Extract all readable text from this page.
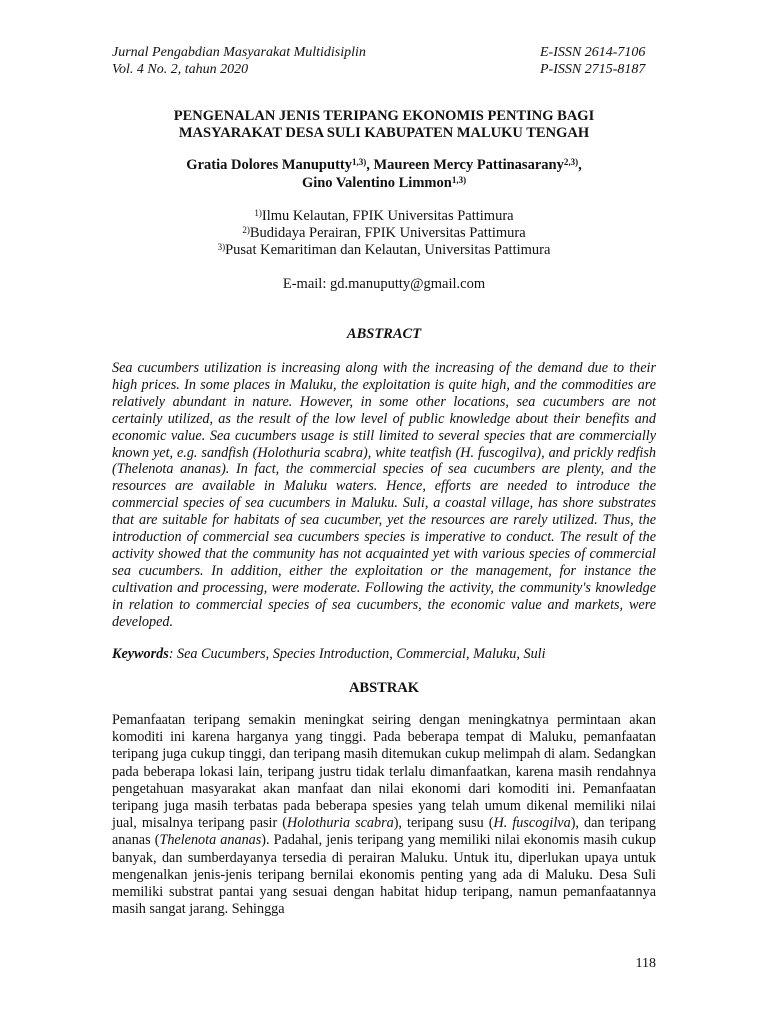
Jurnal Pengabdian Masyarakat Multidisiplin
Vol. 4 No. 2, tahun 2020
E-ISSN 2614-7106
P-ISSN 2715-8187
PENGENALAN JENIS TERIPANG EKONOMIS PENTING BAGI
MASYARAKAT DESA SULI KABUPATEN MALUKU TENGAH
Gratia Dolores Manuputty$^{1,3)}$, Maureen Mercy Pattinasarany$^{2,3)}$,
Gino Valentino Limmon$^{1,3)}$
$^{1)}$Ilmu Kelautan, FPIK Universitas Pattimura
$^{2)}$Budidaya Perairan, FPIK Universitas Pattimura
$^{3)}$Pusat Kemaritiman dan Kelautan, Universitas Pattimura
E-mail: gd.manuputty@gmail.com
ABSTRACT

Sea cucumbers utilization is increasing along with the increasing of the demand due to their high prices. In some places in Maluku, the exploitation is quite high, and the commodities are relatively abundant in nature. However, in some other locations, sea cucumbers are not certainly utilized, as the result of the low level of public knowledge about their benefits and economic value. Sea cucumbers usage is still limited to several species that are commercially known yet, e.g. sandfish (Holothuria scabra), white teatfish (H. fuscogilva), and prickly redfish (Thelenota ananas). In fact, the commercial species of sea cucumbers are plenty, and the resources are available in Maluku waters. Hence, efforts are needed to introduce the commercial species of sea cucumbers in Maluku. Suli, a coastal village, has shore substrates that are suitable for habitats of sea cucumber, yet the resources are rarely utilized. Thus, the introduction of commercial sea cucumbers species is imperative to conduct. The result of the activity showed that the community has not acquainted yet with various species of commercial sea cucumbers. In addition, either the exploitation or the management, for instance the cultivation and processing, were moderate. Following the activity, the community's knowledge in relation to commercial species of sea cucumbers, the economic value and markets, were developed.

Keywords: Sea Cucumbers, Species Introduction, Commercial, Maluku, Suli
ABSTRAK

Pemanfaatan teripang semakin meningkat seiring dengan meningkatnya permintaan akan komoditi ini karena harganya yang tinggi. Pada beberapa tempat di Maluku, pemanfaatan teripang juga cukup tinggi, dan teripang masih ditemukan cukup melimpah di alam. Sedangkan pada beberapa lokasi lain, teripang justru tidak terlalu dimanfaatkan, karena masih rendahnya pengetahuan masyarakat akan manfaat dan nilai ekonomi dari komoditi ini. Pemanfaatan teripang juga masih terbatas pada beberapa spesies yang telah umum dikenal memiliki nilai jual, misalnya teripang pasir (Holothuria scabra), teripang susu (H. fuscogilva), dan teripang ananas (Thelenota ananas). Padahal, jenis teripang yang memiliki nilai ekonomis masih cukup banyak, dan sumberdayanya tersedia di perairan Maluku. Untuk itu, diperlukan upaya untuk mengenalkan jenis-jenis teripang bernilai ekonomis penting yang ada di Maluku. Desa Suli memiliki substrat pantai yang sesuai dengan habitat hidup teripang, namun pemanfaatannya masih sangat jarang. Sehingga

118
